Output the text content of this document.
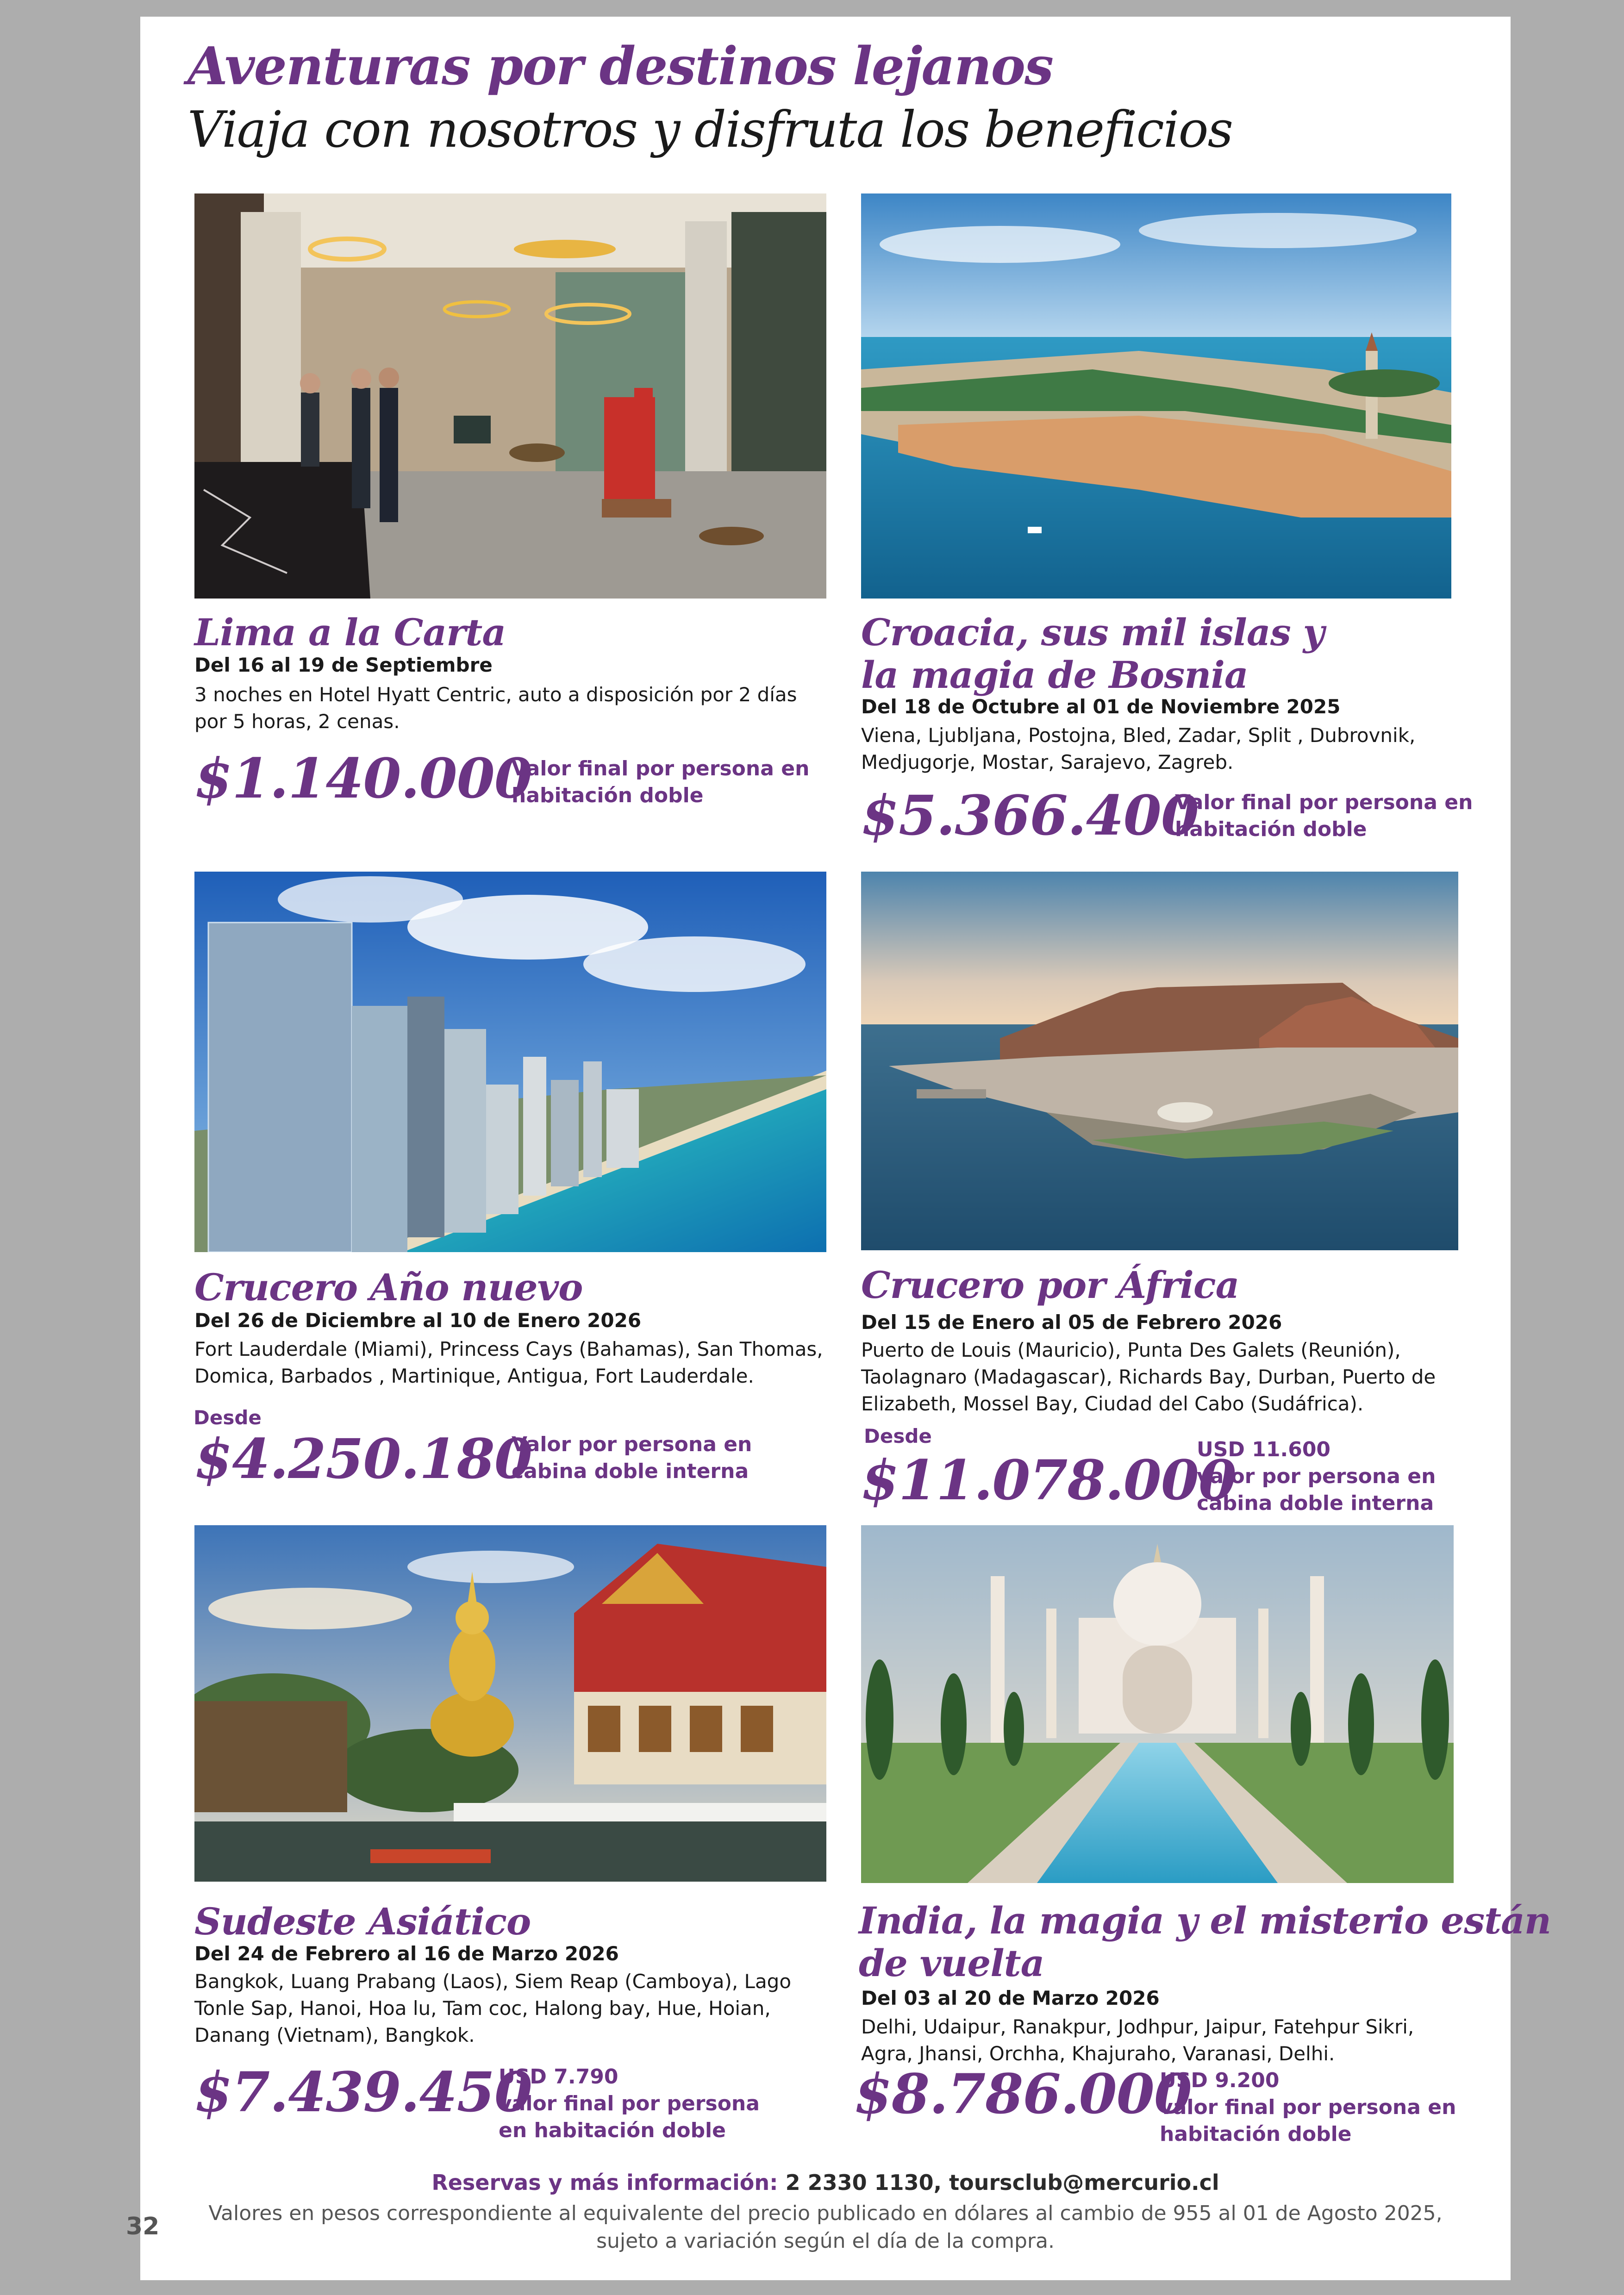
Aventuras por destinos lejanos
Viaja con nosotros y disfruta los beneficios
Lima a la Carta
Del 16 al 19 de Septiembre
3 noches en Hotel Hyatt Centric, auto a disposición por 2 días
por 5 horas, 2 cenas.
$1.140.000
Valor final por persona en
habitación doble
Croacia, sus mil islas y
la magia de Bosnia
Del 18 de Octubre al 01 de Noviembre 2025
Viena, Ljubljana, Postojna, Bled, Zadar, Split , Dubrovnik,
Medjugorje, Mostar, Sarajevo, Zagreb.
$5.366.400
Valor final por persona en
habitación doble
Crucero Año nuevo
Del 26 de Diciembre al 10 de Enero 2026
Fort Lauderdale (Miami), Princess Cays (Bahamas), San Thomas,
Domica, Barbados , Martinique, Antigua, Fort Lauderdale.
Desde
$4.250.180
Valor por persona en
cabina doble interna
Crucero por África
Del 15 de Enero al 05 de Febrero 2026
Puerto de Louis (Mauricio), Punta Des Galets (Reunión),
Taolagnaro (Madagascar), Richards Bay, Durban, Puerto de
Elizabeth, Mossel Bay, Ciudad del Cabo (Sudáfrica).
Desde
$11.078.000
USD 11.600
valor por persona en
cabina doble interna
Sudeste Asiático
Del 24 de Febrero al 16 de Marzo 2026
Bangkok, Luang Prabang (Laos), Siem Reap (Camboya), Lago
Tonle Sap, Hanoi, Hoa lu, Tam coc, Halong bay, Hue, Hoian,
Danang (Vietnam), Bangkok.
$7.439.450
USD 7.790
valor final por persona
en habitación doble
India, la magia y el misterio están
de vuelta
Del 03 al 20 de Marzo 2026
Delhi, Udaipur, Ranakpur, Jodhpur, Jaipur, Fatehpur Sikri,
Agra, Jhansi, Orchha, Khajuraho, Varanasi, Delhi.
$8.786.000
USD 9.200
valor final por persona en
habitación doble
Reservas y más información: 2 2330 1130, toursclub@mercurio.cl
Valores en pesos correspondiente al equivalente del precio publicado en dólares al cambio de 955 al 01 de Agosto 2025,
sujeto a variación según el día de la compra.
32
